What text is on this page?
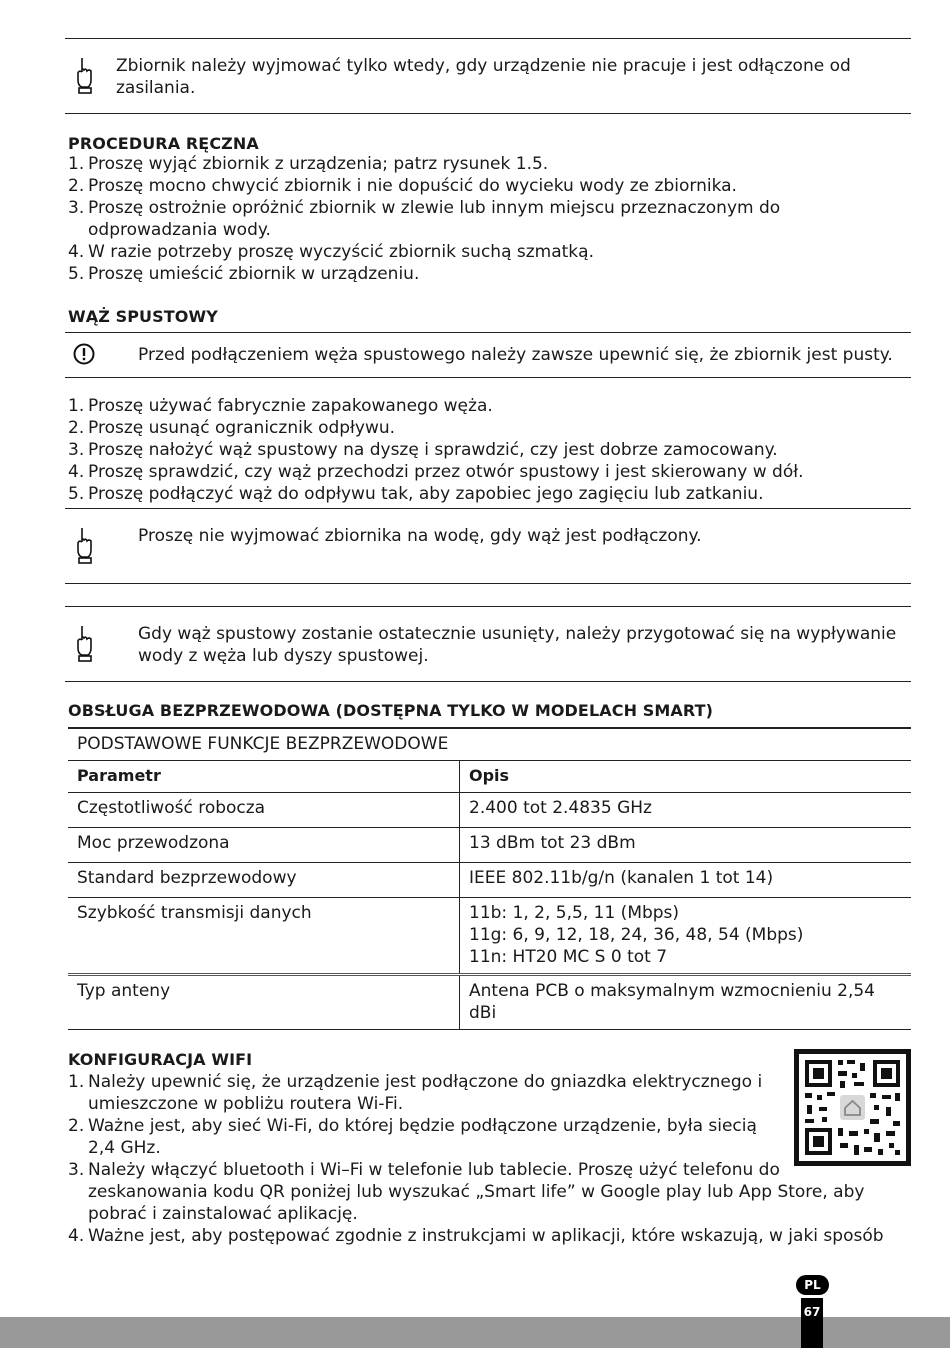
Zbiornik należy wyjmować tylko wtedy, gdy urządzenie nie pracuje i jest odłączone od zasilania.
PROCEDURA RĘCZNA
1. Proszę wyjąć zbiornik z urządzenia; patrz rysunek 1.5.
2. Proszę mocno chwycić zbiornik i nie dopuścić do wycieku wody ze zbiornika.
3. Proszę ostrożnie opróżnić zbiornik w zlewie lub innym miejscu przeznaczonym do odprowadzania wody.
4. W razie potrzeby proszę wyczyścić zbiornik suchą szmatką.
5. Proszę umieścić zbiornik w urządzeniu.
WĄŻ SPUSTOWY
Przed podłączeniem węża spustowego należy zawsze upewnić się, że zbiornik jest pusty.
1. Proszę używać fabrycznie zapakowanego węża.
2. Proszę usunąć ogranicznik odpływu.
3. Proszę nałożyć wąż spustowy na dyszę i sprawdzić, czy jest dobrze zamocowany.
4. Proszę sprawdzić, czy wąż przechodzi przez otwór spustowy i jest skierowany w dół.
5. Proszę podłączyć wąż do odpływu tak, aby zapobiec jego zagięciu lub zatkaniu.
Proszę nie wyjmować zbiornika na wodę, gdy wąż jest podłączony.
Gdy wąż spustowy zostanie ostatecznie usunięty, należy przygotować się na wypływanie wody z węża lub dyszy spustowej.
OBSŁUGA BEZPRZEWODOWA (DOSTĘPNA TYLKO W MODELACH SMART)
PODSTAWOWE FUNKCJE BEZPRZEWODOWE	
Parametr	Opis
Częstotliwość robocza	2.400 tot 2.4835 GHz
Moc przewodzona	13 dBm tot 23 dBm
Standard bezprzewodowy	IEEE 802.11b/g/n (kanalen 1 tot 14)
Szybkość transmisji danych	11b: 1, 2, 5,5, 11 (Mbps)
11g: 6, 9, 12, 18, 24, 36, 48, 54 (Mbps)
11n: HT20 MC S 0 tot 7
Typ anteny	Antena PCB o maksymalnym wzmocnieniu 2,54 dBi
KONFIGURACJA WIFI
1. Należy upewnić się, że urządzenie jest podłączone do gniazdka elektrycznego i umieszczone w pobliżu routera Wi-Fi.
2. Ważne jest, aby sieć Wi-Fi, do której będzie podłączone urządzenie, była siecią 2,4 GHz.
3. Należy włączyć bluetooth i Wi–Fi w telefonie lub tablecie. Proszę użyć telefonu do zeskanowania kodu QR poniżej lub wyszukać „Smart life” w Google play lub App Store, aby pobrać i zainstalować aplikację.
4. Ważne jest, aby postępować zgodnie z instrukcjami w aplikacji, które wskazują, w jaki sposób
PL
67
